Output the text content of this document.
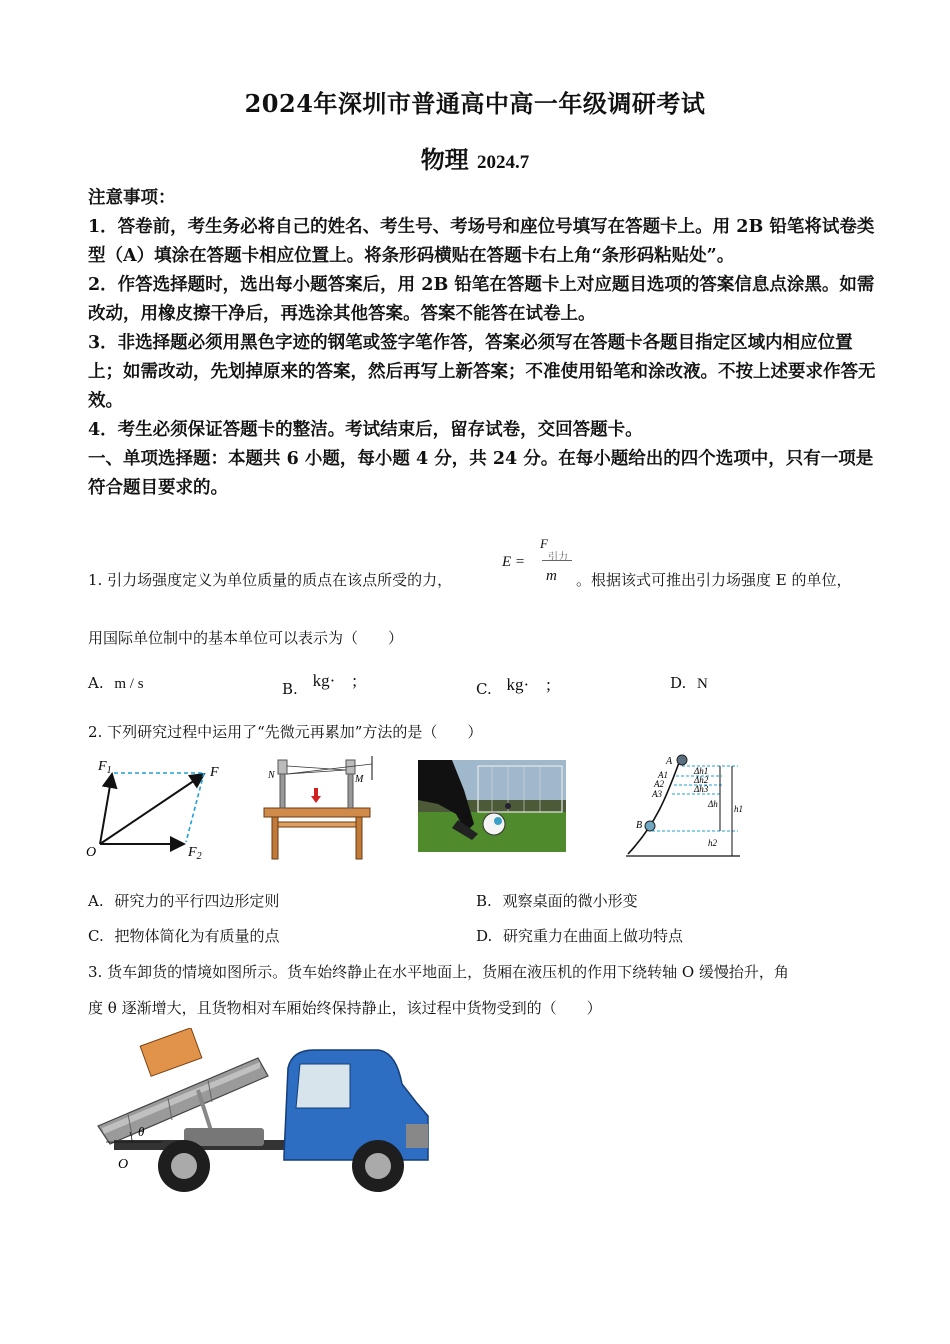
2024年深圳市普通高中高一年级调研考试
物理 2024.7

注意事项：

1．答卷前，考生务必将自己的姓名、考生号、考场号和座位号填写在答题卡上。用 2B 铅笔将试卷类型（A）填涂在答题卡相应位置上。将条形码横贴在答题卡右上角“条形码粘贴处”。

2．作答选择题时，选出每小题答案后，用 2B 铅笔在答题卡上对应题目选项的答案信息点涂黑。如需改动，用橡皮擦干净后，再选涂其他答案。答案不能答在试卷上。

3．非选择题必须用黑色字迹的钢笔或签字笔作答，答案必须写在答题卡各题目指定区域内相应位置上；如需改动，先划掉原来的答案，然后再写上新答案；不准使用铅笔和涂改液。不按上述要求作答无效。

4．考生必须保证答题卡的整洁。考试结束后，留存试卷，交回答题卡。

一、单项选择题：本题共 6 小题，每小题 4 分，共 24 分。在每小题给出的四个选项中，只有一项是符合题目要求的。

1. 引力场强度定义为单位质量的质点在该点所受的力，
E =
F
引力
m 。根据该式可推出引力场强度 E 的单位，
用国际单位制中的基本单位可以表示为（　　）
A. m / s	B. kg·　;	C. kg·　;	D. N
2. 下列研究过程中运用了“先微元再累加”方法的是（　　）
$F_1$	F
$F_2$
O
N	M
A
A1
A2
A3
B
Δh1
Δh2
Δh3
Δh h1
h2
A. 研究力的平行四边形定则	B. 观察桌面的微小形变
C. 把物体简化为有质量的点	D. 研究重力在曲面上做功特点
3. 货车卸货的情境如图所示。货车始终静止在水平地面上，货厢在液压机的作用下绕转轴 O 缓慢抬升，角
度 θ 逐渐增大，且货物相对车厢始终保持静止，该过程中货物受到的（　　）
θ
O
